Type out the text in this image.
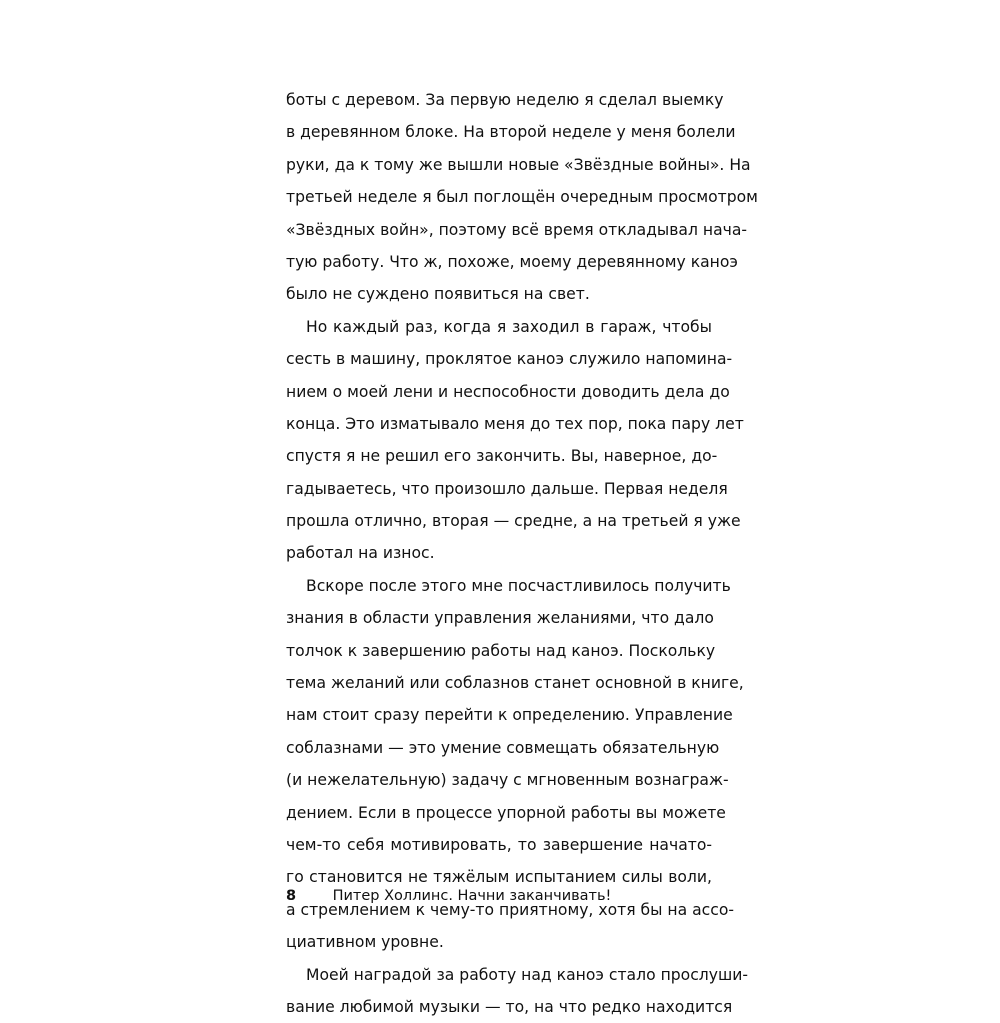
боты с деревом. За первую неделю я сделал выемку
в деревянном блоке. На второй неделе у меня болели
руки, да к тому же вышли новые «Звёздные войны». На
третьей неделе я был поглощён очередным просмотром
«Звёздных войн», поэтому всё время откладывал нача-
тую работу. Что ж, похоже, моему деревянному каноэ
было не суждено появиться на свет.
Но каждый раз, когда я заходил в гараж, чтобы
сесть в машину, проклятое каноэ служило напомина-
нием о моей лени и неспособности доводить дела до
конца. Это изматывало меня до тех пор, пока пару лет
спустя я не решил его закончить. Вы, наверное, до-
гадываетесь, что произошло дальше. Первая неделя
прошла отлично, вторая — средне, а на третьей я уже
работал на износ.
Вскоре после этого мне посчастливилось получить
знания в области управления желаниями, что дало
толчок к завершению работы над каноэ. Поскольку
тема желаний или соблазнов станет основной в книге,
нам стоит сразу перейти к определению. Управление
соблазнами — это умение совмещать обязательную
(и нежелательную) задачу с мгновенным вознаграж-
дением. Если в процессе упорной работы вы можете
чем-то себя мотивировать, то завершение начато-
го становится не тяжёлым испытанием силы воли,
а стремлением к чему-то приятному, хотя бы на ассо-
циативном уровне.
Моей наградой за работу над каноэ стало прослуши-
вание любимой музыки — то, на что редко находится
8	Питер Холлинс. Начни заканчивать!
